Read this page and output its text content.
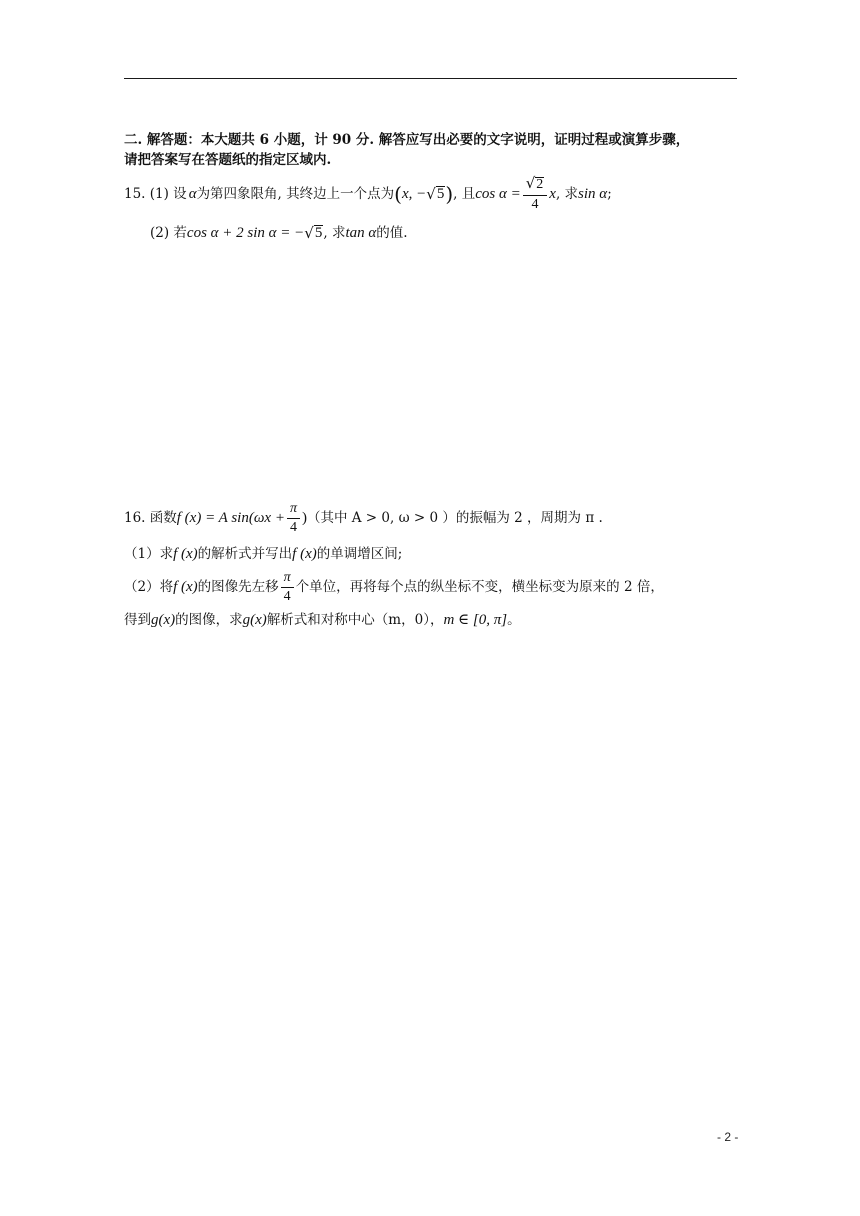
二. 解答题：本大题共 6 小题，计 90 分. 解答应写出必要的文字说明，证明过程或演算步骤，
请把答案写在答题纸的指定区域内.
15. (1) 设 α 为第四象限角, 其终边上一个点为 ( x, − √ 5 ) , 且 $\cos \alpha = \frac{√2}{4}$ x , 求 sin α ;
(2) 若 cos α + 2 sin α = − √ 5 , 求 tan α 的值.
16. 函数 f (x) = A $\sin(\omega x + \frac{\pi}{4}$ ) （其中 A > 0, ω > 0 ）的振幅为 2 ，周期为 π .
（1）求 f (x) 的解析式并写出 f (x) 的单调增区间;
（2）将 f (x) 的图像先左移 $\frac{\pi}{4}$ 个单位，再将每个点的纵坐标不变，横坐标变为原来的 2 倍，
得到 g(x) 的图像，求 g(x) 解析式和对称中心（m，0）， m ∈ [0, π] 。
- 2 -
